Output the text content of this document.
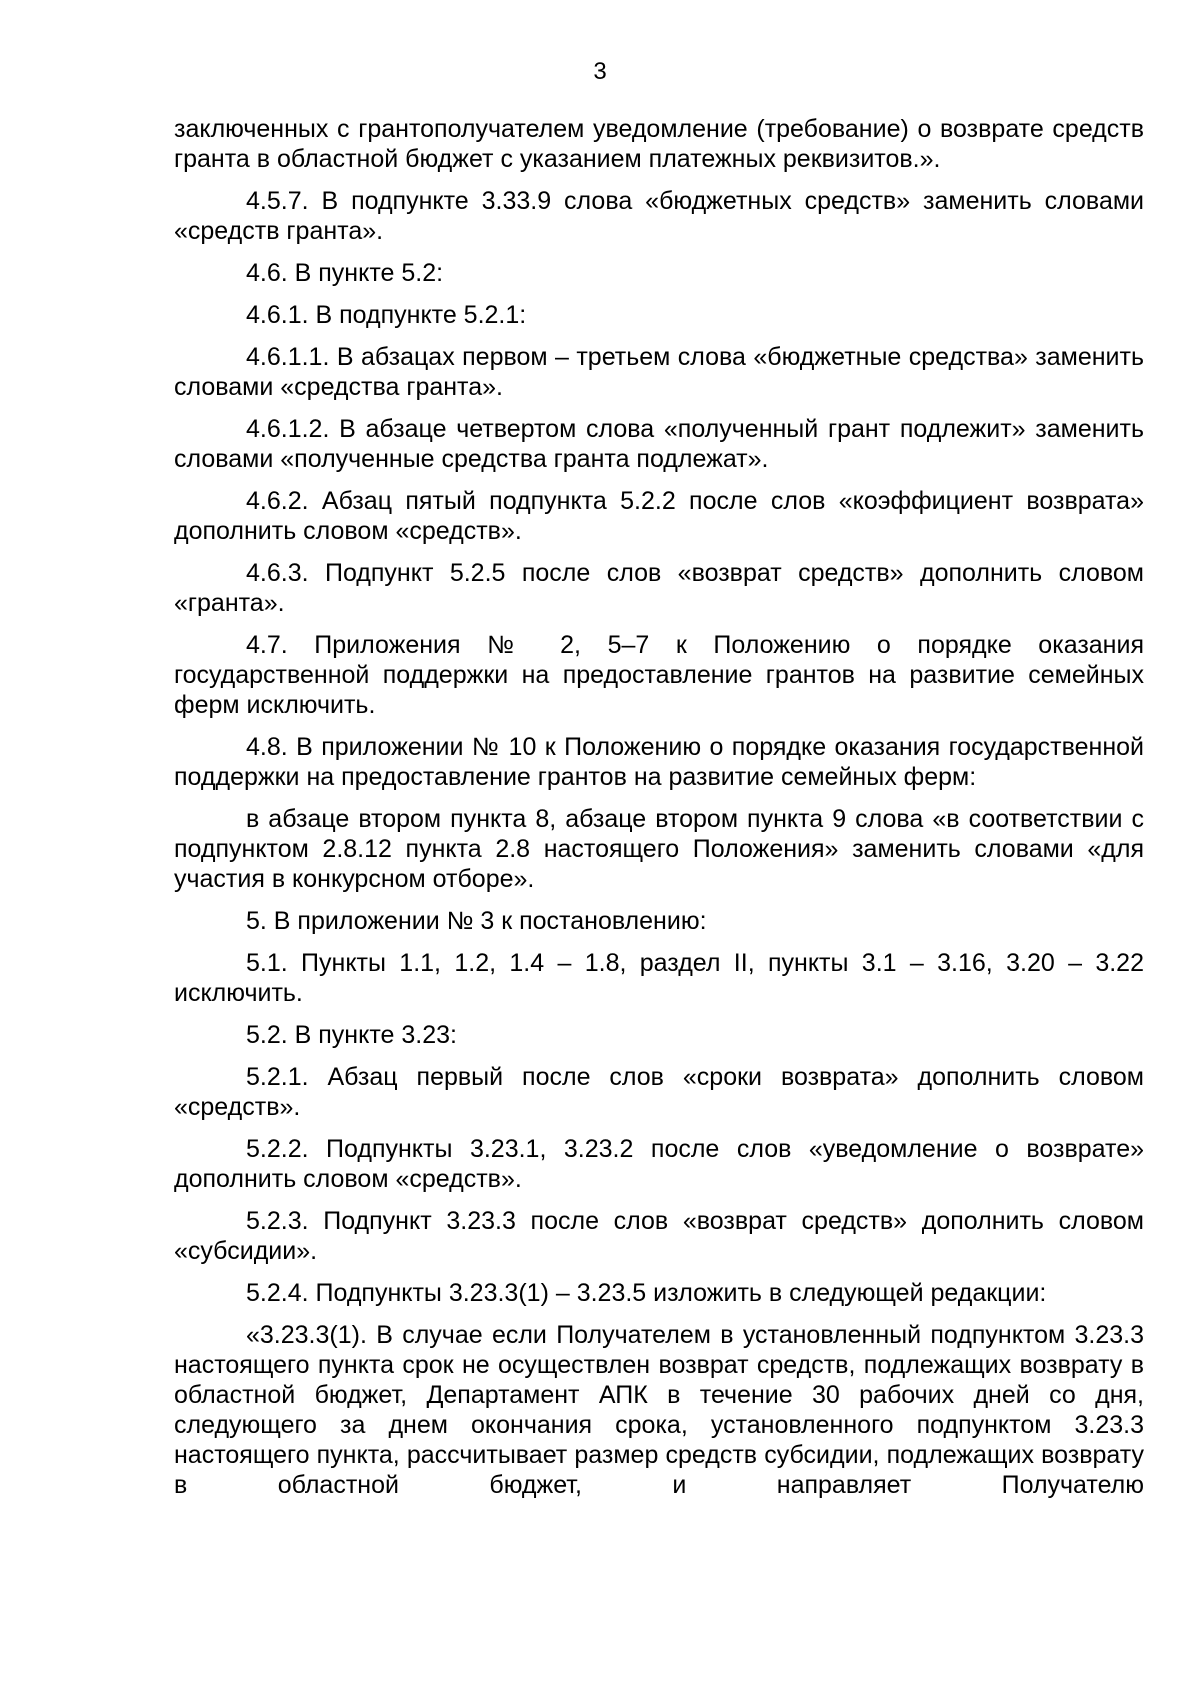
3

заключенных с грантополучателем уведомление (требование) о возврате средств гранта в областной бюджет с указанием платежных реквизитов.».

4.5.7. В подпункте 3.33.9 слова «бюджетных средств» заменить словами «средств гранта».

4.6. В пункте 5.2:

4.6.1. В подпункте 5.2.1:

4.6.1.1. В абзацах первом – третьем слова «бюджетные средства» заменить словами «средства гранта».

4.6.1.2. В абзаце четвертом слова «полученный грант подлежит» заменить словами «полученные средства гранта подлежат».

4.6.2. Абзац пятый подпункта 5.2.2 после слов «коэффициент возврата» дополнить словом «средств».

4.6.3. Подпункт 5.2.5 после слов «возврат средств» дополнить словом «гранта».

4.7. Приложения № 2, 5–7 к Положению о порядке оказания государственной поддержки на предоставление грантов на развитие семейных ферм исключить.

4.8. В приложении № 10 к Положению о порядке оказания государственной поддержки на предоставление грантов на развитие семейных ферм:

в абзаце втором пункта 8, абзаце втором пункта 9 слова «в соответствии с подпунктом 2.8.12 пункта 2.8 настоящего Положения» заменить словами «для участия в конкурсном отборе».

5. В приложении № 3 к постановлению:

5.1. Пункты 1.1, 1.2, 1.4 – 1.8, раздел II, пункты 3.1 – 3.16, 3.20 – 3.22 исключить.

5.2. В пункте 3.23:

5.2.1. Абзац первый после слов «сроки возврата» дополнить словом «средств».

5.2.2. Подпункты 3.23.1, 3.23.2 после слов «уведомление о возврате» дополнить словом «средств».

5.2.3. Подпункт 3.23.3 после слов «возврат средств» дополнить словом «субсидии».

5.2.4. Подпункты 3.23.3(1) – 3.23.5 изложить в следующей редакции:

«3.23.3(1). В случае если Получателем в установленный подпунктом 3.23.3 настоящего пункта срок не осуществлен возврат средств, подлежащих возврату в областной бюджет, Департамент АПК в течение 30 рабочих дней со дня, следующего за днем окончания срока, установленного подпунктом 3.23.3 настоящего пункта, рассчитывает размер средств субсидии, подлежащих возврату в областной бюджет, и направляет Получателю
